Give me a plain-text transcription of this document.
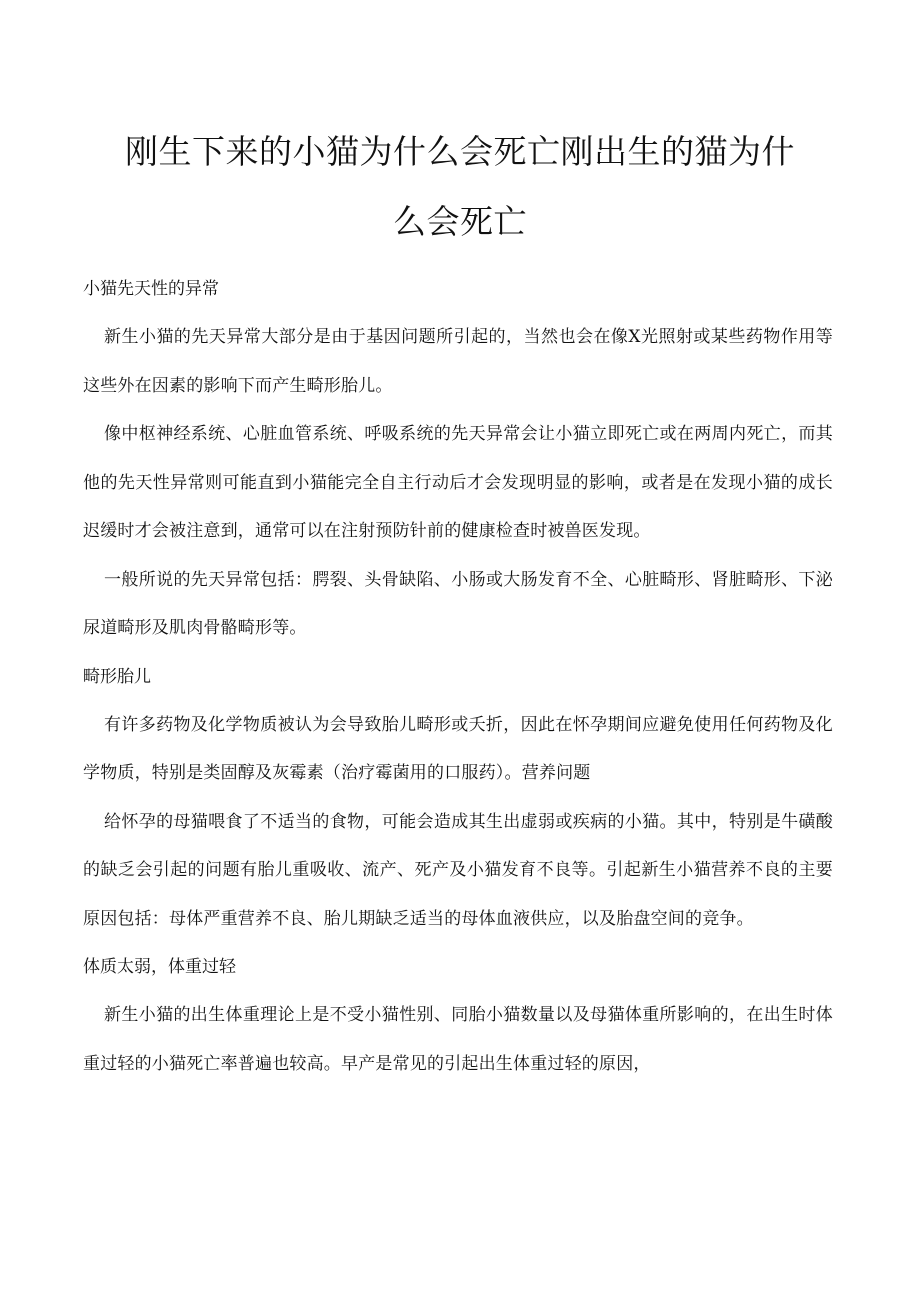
刚生下来的小猫为什么会死亡刚出生的猫为什
么会死亡

小猫先天性的异常

新生小猫的先天异常大部分是由于基因问题所引起的，当然也会在像X光照射或某些药物作用等这些外在因素的影响下而产生畸形胎儿。

像中枢神经系统、心脏血管系统、呼吸系统的先天异常会让小猫立即死亡或在两周内死亡，而其他的先天性异常则可能直到小猫能完全自主行动后才会发现明显的影响，或者是在发现小猫的成长迟缓时才会被注意到，通常可以在注射预防针前的健康检查时被兽医发现。

一般所说的先天异常包括：腭裂、头骨缺陷、小肠或大肠发育不全、心脏畸形、肾脏畸形、下泌尿道畸形及肌肉骨骼畸形等。

畸形胎儿

有许多药物及化学物质被认为会导致胎儿畸形或夭折，因此在怀孕期间应避免使用任何药物及化学物质，特别是类固醇及灰霉素（治疗霉菌用的口服药）。营养问题

给怀孕的母猫喂食了不适当的食物，可能会造成其生出虚弱或疾病的小猫。其中，特别是牛磺酸的缺乏会引起的问题有胎儿重吸收、流产、死产及小猫发育不良等。引起新生小猫营养不良的主要原因包括：母体严重营养不良、胎儿期缺乏适当的母体血液供应，以及胎盘空间的竞争。

体质太弱，体重过轻

新生小猫的出生体重理论上是不受小猫性别、同胎小猫数量以及母猫体重所影响的，在出生时体重过轻的小猫死亡率普遍也较高。早产是常见的引起出生体重过轻的原因，
